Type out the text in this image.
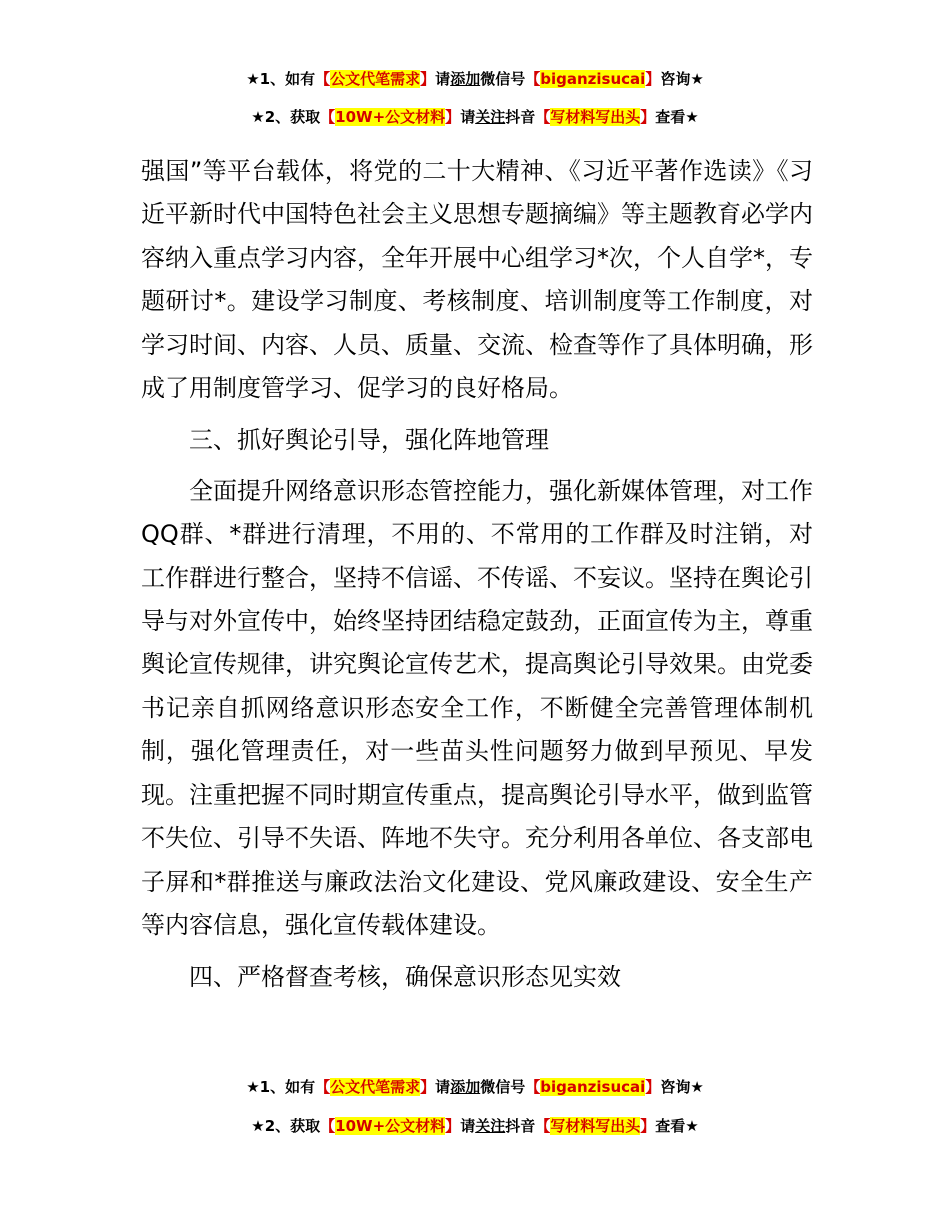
★1、如有【公文代笔需求】请添加微信号【biganzisucai】咨询★
★2、获取【10W+公文材料】请关注抖音【写材料写出头】查看★

强国”等平台载体，将党的二十大精神、《习近平著作选读》《习近平新时代中国特色社会主义思想专题摘编》等主题教育必学内容纳入重点学习内容，全年开展中心组学习*次，个人自学*，专题研讨*。建设学习制度、考核制度、培训制度等工作制度，对学习时间、内容、人员、质量、交流、检查等作了具体明确，形成了用制度管学习、促学习的良好格局。

三、抓好舆论引导，强化阵地管理

全面提升网络意识形态管控能力，强化新媒体管理，对工作QQ群、*群进行清理，不用的、不常用的工作群及时注销，对工作群进行整合，坚持不信谣、不传谣、不妄议。坚持在舆论引导与对外宣传中，始终坚持团结稳定鼓劲，正面宣传为主，尊重舆论宣传规律，讲究舆论宣传艺术，提高舆论引导效果。由党委书记亲自抓网络意识形态安全工作，不断健全完善管理体制机制，强化管理责任，对一些苗头性问题努力做到早预见、早发现。注重把握不同时期宣传重点，提高舆论引导水平，做到监管不失位、引导不失语、阵地不失守。充分利用各单位、各支部电子屏和*群推送与廉政法治文化建设、党风廉政建设、安全生产等内容信息，强化宣传载体建设。

四、严格督查考核，确保意识形态见实效

★1、如有【公文代笔需求】请添加微信号【biganzisucai】咨询★
★2、获取【10W+公文材料】请关注抖音【写材料写出头】查看★
